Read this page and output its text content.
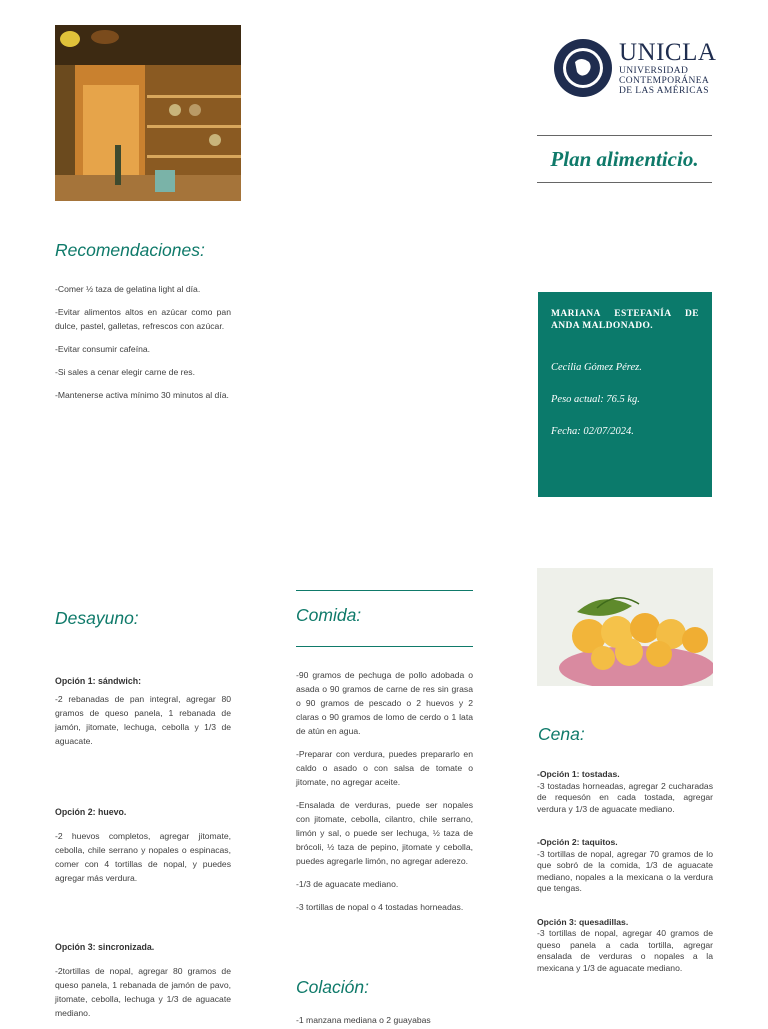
UNICLA
UNIVERSIDAD
CONTEMPORÁNEA
DE LAS AMÉRICAS
Plan alimenticio.
Recomendaciones:

-Comer ½ taza de gelatina light al día.

-Evitar alimentos altos en azúcar como pan dulce, pastel, galletas, refrescos con azúcar.

-Evitar consumir cafeína.

-Si sales a cenar elegir carne de res.

-Mantenerse activa mínimo 30 minutos al día.

MARIANA ESTEFANÍA DE ANDA MALDONADO.
Cecilia Gómez Pérez.
Peso actual: 76.5 kg.
Fecha: 02/07/2024.
Desayuno:
Opción 1: sándwich:

-2 rebanadas de pan integral, agregar 80 gramos de queso panela, 1 rebanada de jamón, jitomate, lechuga, cebolla y 1/3 de aguacate.

Opción 2: huevo.

-2 huevos completos, agregar jitomate, cebolla, chile serrano y nopales o espinacas, comer con 4 tortillas de nopal, y puedes agregar más verdura.

Opción 3: sincronizada.

-2tortillas de nopal, agregar 80 gramos de queso panela, 1 rebanada de jamón de pavo, jitomate, cebolla, lechuga y 1/3 de aguacate mediano.

Comida:

-90 gramos de pechuga de pollo adobada o asada o 90 gramos de carne de res sin grasa o 90 gramos de pescado o 2 huevos y 2 claras o 90 gramos de lomo de cerdo o 1 lata de atún en agua.

-Preparar con verdura, puedes prepararlo en caldo o asado o con salsa de tomate o jitomate, no agregar aceite.

-Ensalada de verduras, puede ser nopales con jitomate, cebolla, cilantro, chile serrano, limón y sal, o puede ser lechuga, ½ taza de brócoli, ½ taza de pepino, jitomate y cebolla, puedes agregarle limón, no agregar aderezo.

-1/3 de aguacate mediano.

-3 tortillas de nopal o 4 tostadas horneadas.

Colación:
-1 manzana mediana o 2 guayabas
Cena:

-Opción 1: tostadas.
-3 tostadas horneadas, agregar 2 cucharadas de requesón en cada tostada, agregar verdura y 1/3 de aguacate mediano.

-Opción 2: taquitos.
-3 tortillas de nopal, agregar 70 gramos de lo que sobró de la comida, 1/3 de aguacate mediano, nopales a la mexicana o la verdura que tengas.

Opción 3: quesadillas.
-3 tortillas de nopal, agregar 40 gramos de queso panela a cada tortilla, agregar ensalada de verduras o nopales a la mexicana y 1/3 de aguacate mediano.
